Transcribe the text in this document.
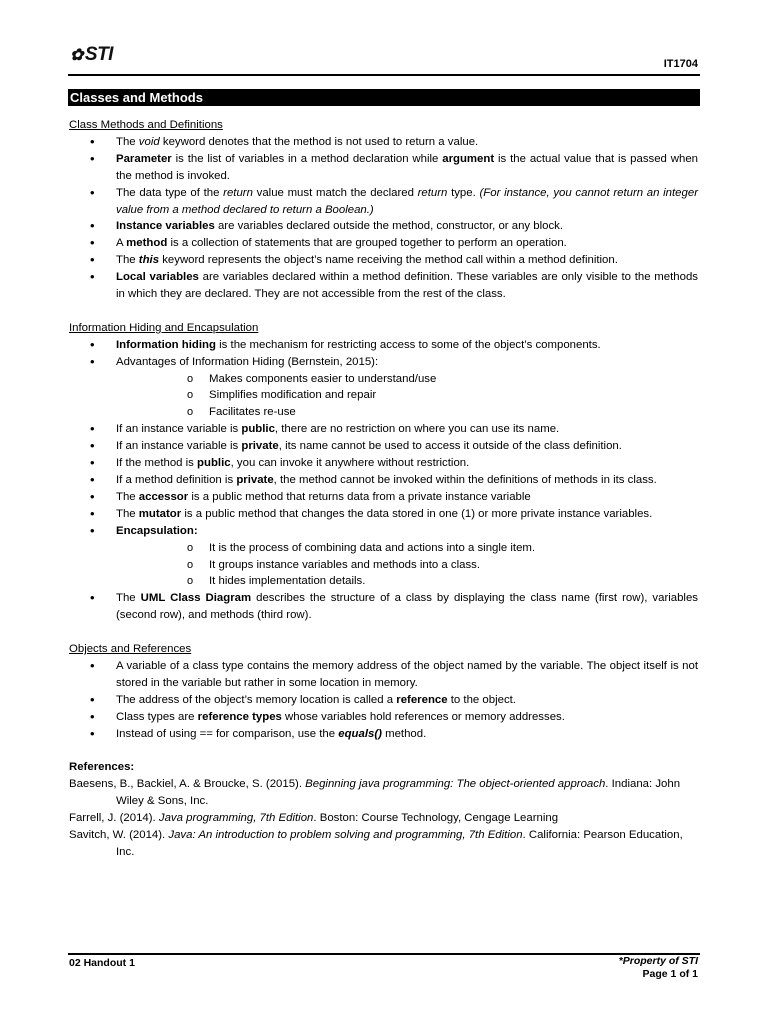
✿ STI	IT1704
Classes and Methods
Class Methods and Definitions
• The void keyword denotes that the method is not used to return a value.
• Parameter is the list of variables in a method declaration while argument is the actual value that is passed when the method is invoked.
• The data type of the return value must match the declared return type. (For instance, you cannot return an integer value from a method declared to return a Boolean.)
• Instance variables are variables declared outside the method, constructor, or any block.
• A method is a collection of statements that are grouped together to perform an operation.
• The this keyword represents the object’s name receiving the method call within a method definition.
• Local variables are variables declared within a method definition. These variables are only visible to the methods in which they are declared. They are not accessible from the rest of the class.
Information Hiding and Encapsulation
• Information hiding is the mechanism for restricting access to some of the object’s components.
• Advantages of Information Hiding (Bernstein, 2015):
o Makes components easier to understand/use
o Simplifies modification and repair
o Facilitates re-use
• If an instance variable is public, there are no restriction on where you can use its name.
• If an instance variable is private, its name cannot be used to access it outside of the class definition.
• If the method is public, you can invoke it anywhere without restriction.
• If a method definition is private, the method cannot be invoked within the definitions of methods in its class.
• The accessor is a public method that returns data from a private instance variable
• The mutator is a public method that changes the data stored in one (1) or more private instance variables.
• Encapsulation:
o It is the process of combining data and actions into a single item.
o It groups instance variables and methods into a class.
o It hides implementation details.
• The UML Class Diagram describes the structure of a class by displaying the class name (first row), variables (second row), and methods (third row).
Objects and References
• A variable of a class type contains the memory address of the object named by the variable. The object itself is not stored in the variable but rather in some location in memory.
• The address of the object’s memory location is called a reference to the object.
• Class types are reference types whose variables hold references or memory addresses.
• Instead of using == for comparison, use the equals() method.
References:
Baesens, B., Backiel, A. & Broucke, S. (2015). Beginning java programming: The object-oriented approach. Indiana: John Wiley & Sons, Inc.
Farrell, J. (2014). Java programming, 7th Edition. Boston: Course Technology, Cengage Learning
Savitch, W. (2014). Java: An introduction to problem solving and programming, 7th Edition. California: Pearson Education, Inc.
02 Handout 1	*Property of STI
Page 1 of 1
